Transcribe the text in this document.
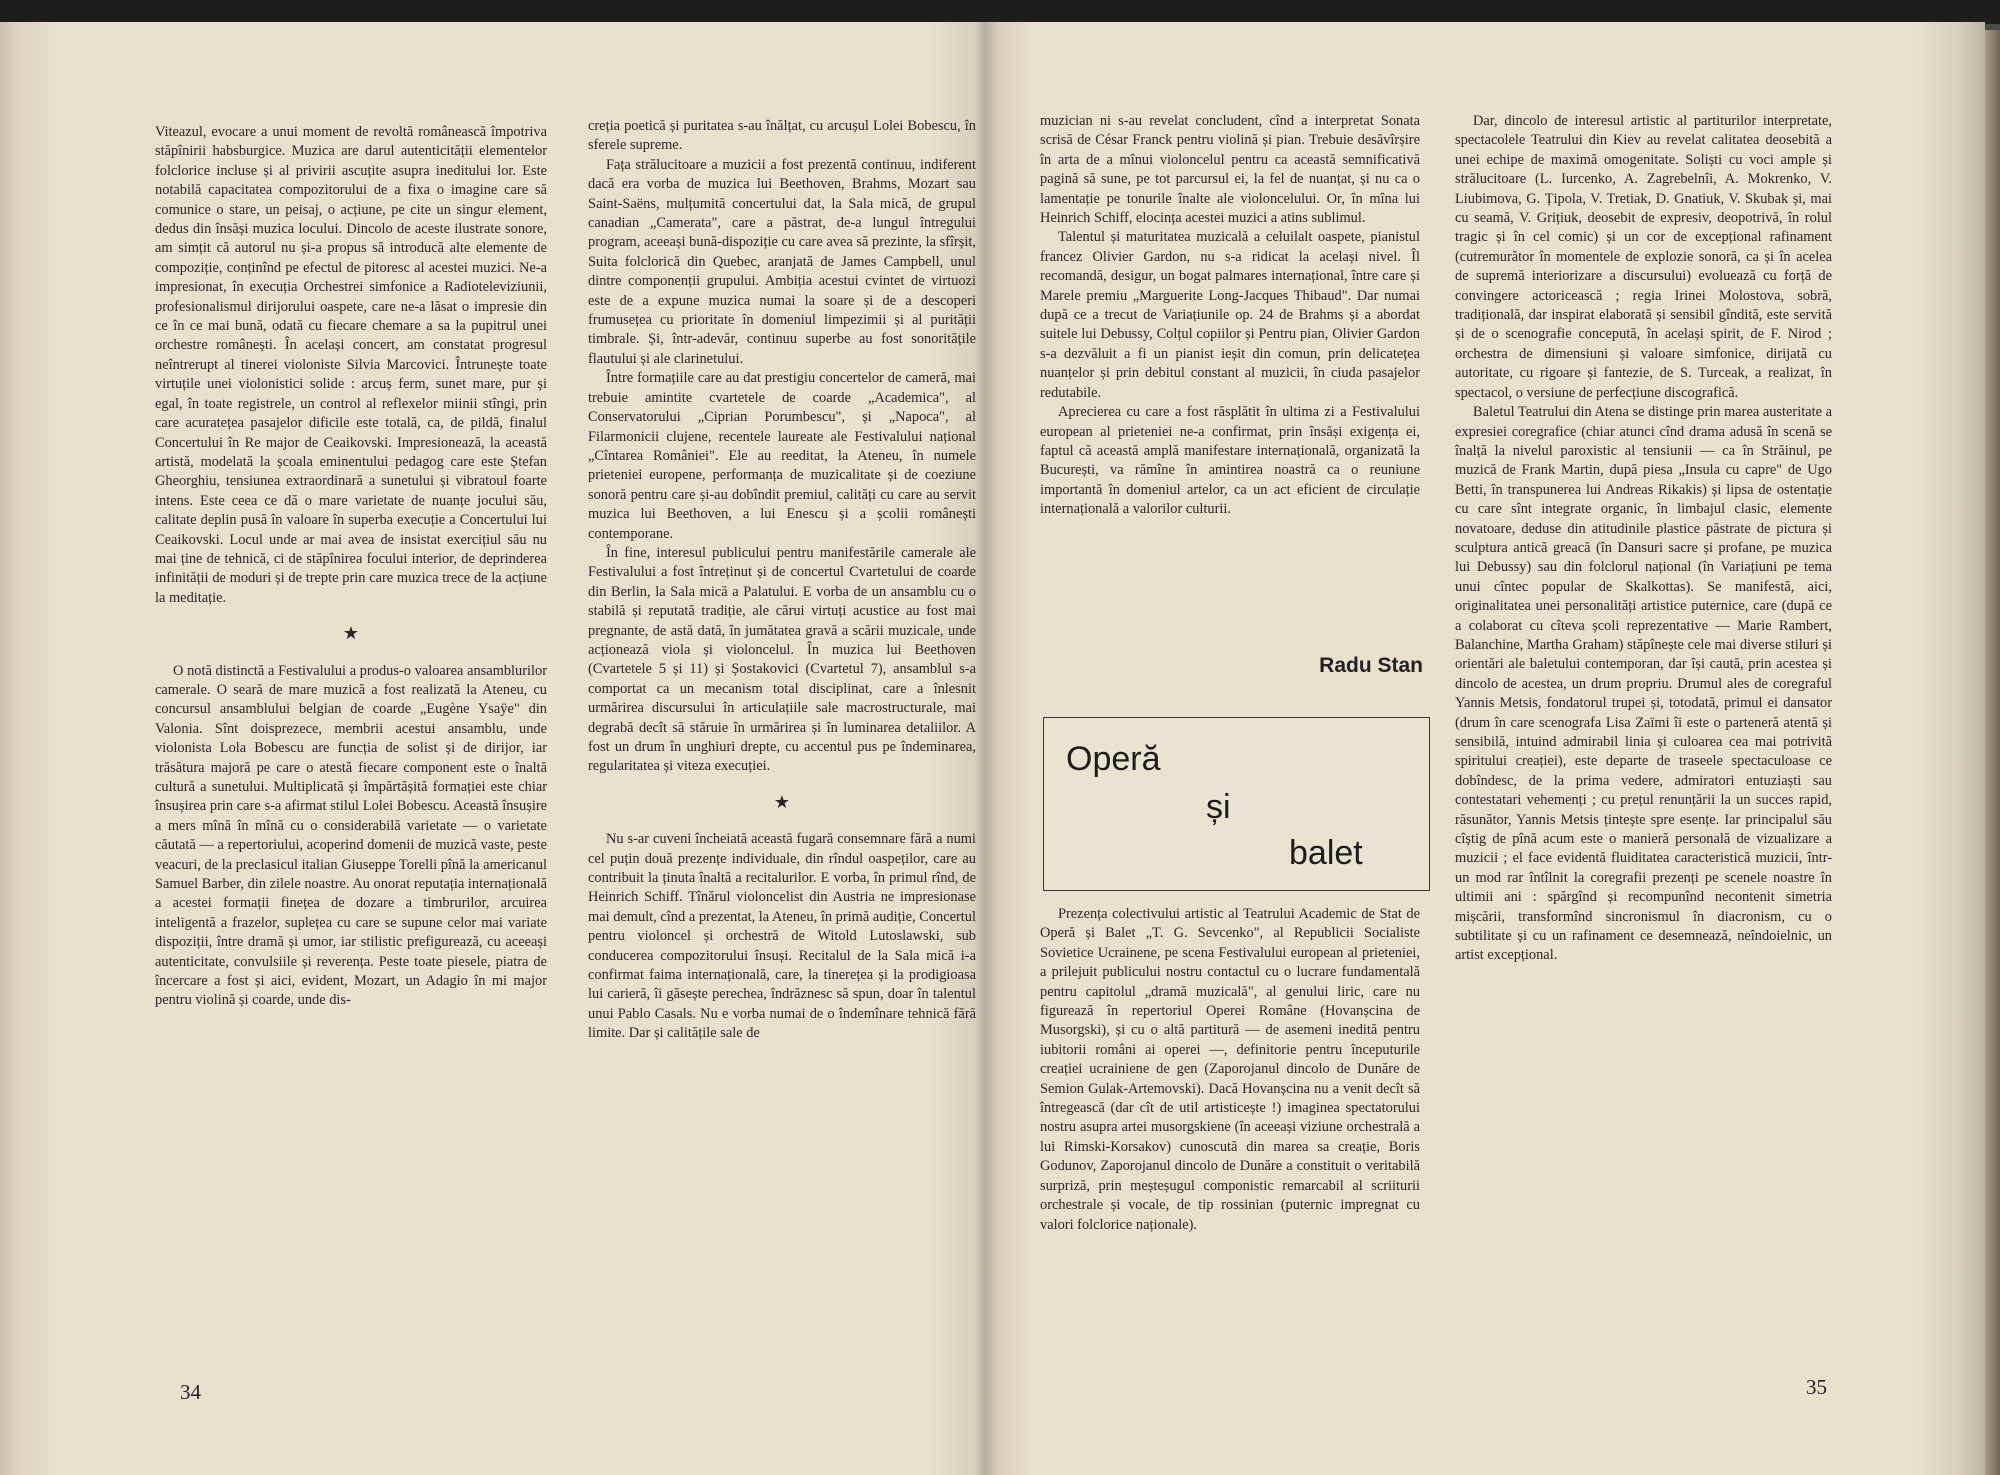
Viteazul, evocare a unui moment de revoltă românească împotriva stăpînirii habsburgice. Muzica are darul autenticității elementelor folclorice incluse și al privirii ascuțite asupra ineditului lor. Este notabilă capacitatea compozitorului de a fixa o imagine care să comunice o stare, un peisaj, o acțiune, pe cite un singur element, dedus din însăși muzica locului. Dincolo de aceste ilustrate sonore, am simțit că autorul nu și-a propus să introducă alte elemente de compoziție, conținînd pe efectul de pitoresc al acestei muzici. Ne-a impresionat, în execuția Orchestrei simfonice a Radioteleviziunii, profesionalismul dirijorului oaspete, care ne-a lăsat o impresie din ce în ce mai bună, odată cu fiecare chemare a sa la pupitrul unei orchestre românești. În același concert, am constatat progresul neîntrerupt al tinerei violoniste Silvia Marcovici. Întrunește toate virtuțile unei violonistici solide : arcuș ferm, sunet mare, pur și egal, în toate registrele, un control al reflexelor miinii stîngi, prin care acuratețea pasajelor dificile este totală, ca, de pildă, finalul Concertului în Re major de Ceaikovski. Impresionează, la această artistă, modelată la școala eminentului pedagog care este Ștefan Gheorghiu, tensiunea extraordinară a sunetului și vibratoul foarte intens. Este ceea ce dă o mare varietate de nuanțe jocului său, calitate deplin pusă în valoare în superba execuție a Concertului lui Ceaikovski. Locul unde ar mai avea de insistat exercițiul său nu mai ține de tehnică, ci de stăpînirea focului interior, de deprinderea infinității de moduri și de trepte prin care muzica trece de la acțiune la meditație.

★

O notă distinctă a Festivalului a produs-o valoarea ansamblurilor camerale. O seară de mare muzică a fost realizată la Ateneu, cu concursul ansamblului belgian de coarde „Eugène Ysaÿe" din Valonia. Sînt doisprezece, membrii acestui ansamblu, unde violonista Lola Bobescu are funcția de solist și de dirijor, iar trăsătura majoră pe care o atestă fiecare component este o înaltă cultură a sunetului. Multiplicată și împărtășită formației este chiar însușirea prin care s-a afirmat stilul Lolei Bobescu. Această însușire a mers mînă în mînă cu o considerabilă varietate — o varietate căutată — a repertoriului, acoperind domenii de muzică vaste, peste veacuri, de la preclasicul italian Giuseppe Torelli pînă la americanul Samuel Barber, din zilele noastre. Au onorat reputația internațională a acestei formații finețea de dozare a timbrurilor, arcuirea inteligentă a frazelor, suplețea cu care se supune celor mai variate dispoziții, între dramă și umor, iar stilistic prefigurează, cu aceeași autenticitate, convulsiile și reverența. Peste toate piesele, piatra de încercare a fost și aici, evident, Mozart, un Adagio în mi major pentru violină și coarde, unde dis-

creția poetică și puritatea s-au înălțat, cu arcușul Lolei Bobescu, în sferele supreme.

Fața strălucitoare a muzicii a fost prezentă continuu, indiferent dacă era vorba de muzica lui Beethoven, Brahms, Mozart sau Saint-Saëns, mulțumită concertului dat, la Sala mică, de grupul canadian „Camerata", care a păstrat, de-a lungul întregului program, aceeași bună-dispoziție cu care avea să prezinte, la sfîrșit, Suita folclorică din Quebec, aranjată de James Campbell, unul dintre componenții grupului. Ambiția acestui cvintet de virtuozi este de a expune muzica numai la soare și de a descoperi frumusețea cu prioritate în domeniul limpezimii și al purității timbrale. Și, într-adevăr, continuu superbe au fost sonoritățile flautului și ale clarinetului.

Între formațiile care au dat prestigiu concertelor de cameră, mai trebuie amintite cvartetele de coarde „Academica", al Conservatorului „Ciprian Porumbescu", și „Napoca", al Filarmonicii clujene, recentele laureate ale Festivalului național „Cîntarea României". Ele au reeditat, la Ateneu, în numele prieteniei europene, performanța de muzicalitate și de coeziune sonoră pentru care și-au dobîndit premiul, calități cu care au servit muzica lui Beethoven, a lui Enescu și a școlii românești contemporane.

În fine, interesul publicului pentru manifestările camerale ale Festivalului a fost întreținut și de concertul Cvartetului de coarde din Berlin, la Sala mică a Palatului. E vorba de un ansamblu cu o stabilă și reputată tradiție, ale cărui virtuți acustice au fost mai pregnante, de astă dată, în jumătatea gravă a scării muzicale, unde acționează viola și violoncelul. În muzica lui Beethoven (Cvartetele 5 și 11) și Șostakovici (Cvartetul 7), ansamblul s-a comportat ca un mecanism total disciplinat, care a înlesnit urmărirea discursului în articulațiile sale macrostructurale, mai degrabă decît să stăruie în urmărirea și în luminarea detaliilor. A fost un drum în unghiuri drepte, cu accentul pus pe îndeminarea, regularitatea și viteza execuției.

★

Nu s-ar cuveni încheiată această fugară consemnare fără a numi cel puțin două prezențe individuale, din rîndul oaspeților, care au contribuit la ținuta înaltă a recitalurilor. E vorba, în primul rînd, de Heinrich Schiff. Tînărul violoncelist din Austria ne impresionase mai demult, cînd a prezentat, la Ateneu, în primă audiție, Concertul pentru violoncel și orchestră de Witold Lutoslawski, sub conducerea compozitorului însuși. Recitalul de la Sala mică i-a confirmat faima internațională, care, la tinerețea și la prodigioasa lui carieră, îi găsește perechea, îndrăznesc să spun, doar în talentul unui Pablo Casals. Nu e vorba numai de o îndemînare tehnică fără limite. Dar și calitățile sale de

muzician ni s-au revelat concludent, cînd a interpretat Sonata scrisă de César Franck pentru violină și pian. Trebuie desăvîrșire în arta de a mînui violoncelul pentru ca această semnificativă pagină să sune, pe tot parcursul ei, la fel de nuanțat, și nu ca o lamentație pe tonurile înalte ale violoncelului. Or, în mîna lui Heinrich Schiff, elocința acestei muzici a atins sublimul.

Talentul și maturitatea muzicală a celuilalt oaspete, pianistul francez Olivier Gardon, nu s-a ridicat la același nivel. Îl recomandă, desigur, un bogat palmares internațional, între care și Marele premiu „Marguerite Long-Jacques Thibaud". Dar numai după ce a trecut de Variațiunile op. 24 de Brahms și a abordat suitele lui Debussy, Colțul copiilor și Pentru pian, Olivier Gardon s-a dezvăluit a fi un pianist ieșit din comun, prin delicatețea nuanțelor și prin debitul constant al muzicii, în ciuda pasajelor redutabile.

Aprecierea cu care a fost răsplătit în ultima zi a Festivalului european al prieteniei ne-a confirmat, prin însăși exigența ei, faptul că această amplă manifestare internațională, organizată la București, va rămîne în amintirea noastră ca o reuniune importantă în domeniul artelor, ca un act eficient de circulație internațională a valorilor culturii.

Radu Stan
Operă
și
balet

Prezența colectivului artistic al Teatrului Academic de Stat de Operă și Balet „T. G. Sevcenko", al Republicii Socialiste Sovietice Ucrainene, pe scena Festivalului european al prieteniei, a prilejuit publicului nostru contactul cu o lucrare fundamentală pentru capitolul „dramă muzicală", al genului liric, care nu figurează în repertoriul Operei Române (Hovanșcina de Musorgski), și cu o altă partitură — de asemeni inedită pentru iubitorii români ai operei —, definitorie pentru începuturile creației ucrainiene de gen (Zaporojanul dincolo de Dunăre de Semion Gulak-Artemovski). Dacă Hovanșcina nu a venit decît să întregească (dar cît de util artisticește !) imaginea spectatorului nostru asupra artei musorgskiene (în aceeași viziune orchestrală a lui Rimski-Korsakov) cunoscută din marea sa creație, Boris Godunov, Zaporojanul dincolo de Dunăre a constituit o veritabilă surpriză, prin meșteșugul componistic remarcabil al scriiturii orchestrale și vocale, de tip rossinian (puternic impregnat cu valori folclorice naționale).

Dar, dincolo de interesul artistic al partiturilor interpretate, spectacolele Teatrului din Kiev au revelat calitatea deosebită a unei echipe de maximă omogenitate. Soliști cu voci ample și strălucitoare (L. Iurcenko, A. Zagrebelnîi, A. Mokrenko, V. Liubimova, G. Țipola, V. Tretiak, D. Gnatiuk, V. Skubak și, mai cu seamă, V. Grițiuk, deosebit de expresiv, deopotrivă, în rolul tragic și în cel comic) și un cor de excepțional rafinament (cutremurător în momentele de explozie sonoră, ca și în acelea de supremă interiorizare a discursului) evoluează cu forță de convingere actoricească ; regia Irinei Molostova, sobră, tradițională, dar inspirat elaborată și sensibil gîndită, este servită și de o scenografie concepută, în același spirit, de F. Nirod ; orchestra de dimensiuni și valoare simfonice, dirijată cu autoritate, cu rigoare și fantezie, de S. Turceak, a realizat, în spectacol, o versiune de perfecțiune discografică.

Baletul Teatrului din Atena se distinge prin marea austeritate a expresiei coregrafice (chiar atunci cînd drama adusă în scenă se înalță la nivelul paroxistic al tensiunii — ca în Străinul, pe muzică de Frank Martin, după piesa „Insula cu capre" de Ugo Betti, în transpunerea lui Andreas Rikakis) și lipsa de ostentație cu care sînt integrate organic, în limbajul clasic, elemente novatoare, deduse din atitudinile plastice păstrate de pictura și sculptura antică greacă (în Dansuri sacre și profane, pe muzica lui Debussy) sau din folclorul național (în Variațiuni pe tema unui cîntec popular de Skalkottas). Se manifestă, aici, originalitatea unei personalități artistice puternice, care (după ce a colaborat cu cîteva școli reprezentative — Marie Rambert, Balanchine, Martha Graham) stăpînește cele mai diverse stiluri și orientări ale baletului contemporan, dar își caută, prin acestea și dincolo de acestea, un drum propriu. Drumul ales de coregraful Yannis Metsis, fondatorul trupei și, totodată, primul ei dansator (drum în care scenografa Lisa Zaïmi îi este o parteneră atentă și sensibilă, intuind admirabil linia și culoarea cea mai potrivită spiritului creației), este departe de traseele spectaculoase ce dobîndesc, de la prima vedere, admiratori entuziaști sau contestatari vehemenți ; cu prețul renunțării la un succes rapid, răsunător, Yannis Metsis țintește spre esențe. Iar principalul său cîștig de pînă acum este o manieră personală de vizualizare a muzicii ; el face evidentă fluiditatea caracteristică muzicii, într-un mod rar întîlnit la coregrafii prezenți pe scenele noastre în ultimii ani : spărgînd și recompunînd necontenit simetria mișcării, transformînd sincronismul în diacronism, cu o subtilitate și cu un rafinament ce desemnează, neîndoielnic, un artist excepțional.

34	35
